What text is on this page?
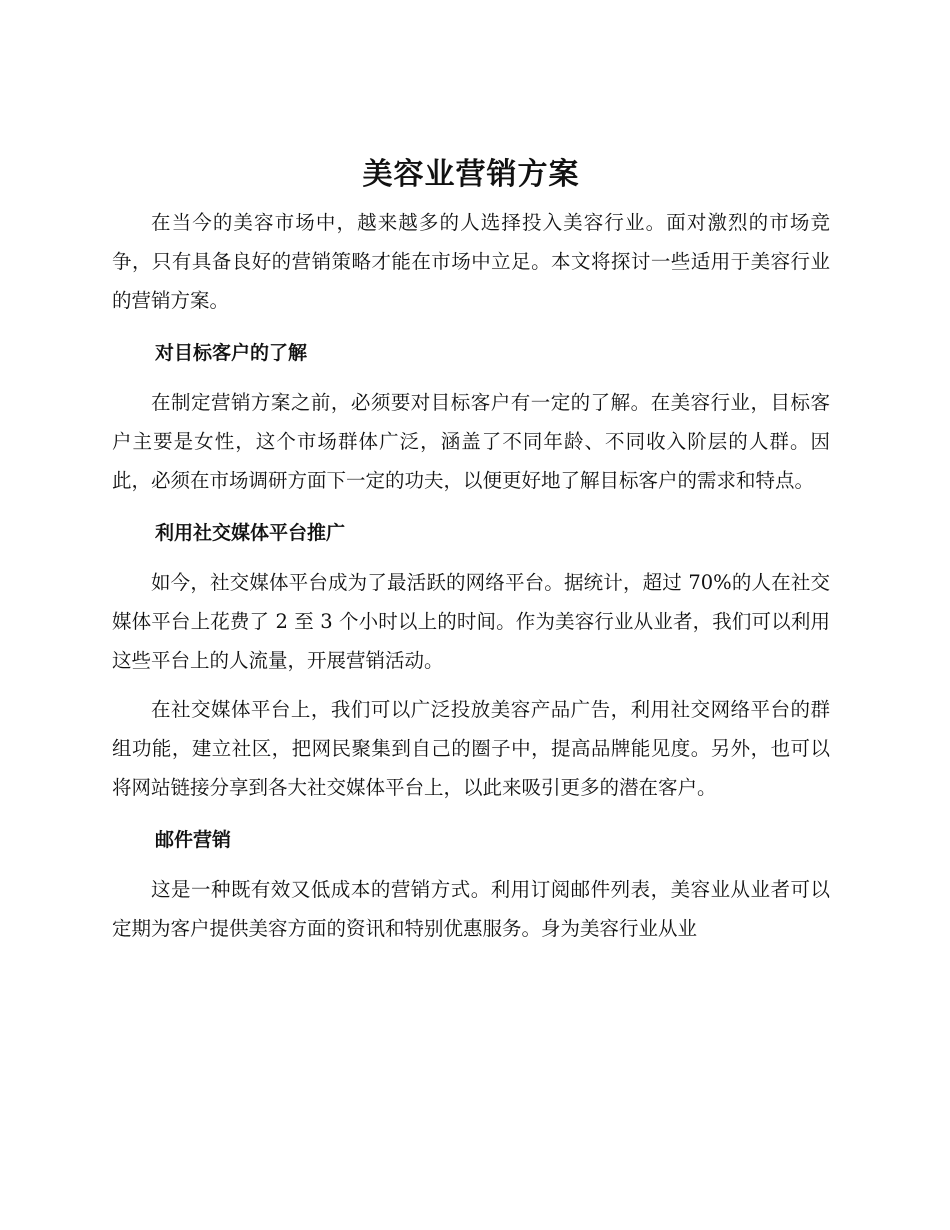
美容业营销方案

在当今的美容市场中，越来越多的人选择投入美容行业。面对激烈的市场竞争，只有具备良好的营销策略才能在市场中立足。本文将探讨一些适用于美容行业的营销方案。

对目标客户的了解

在制定营销方案之前，必须要对目标客户有一定的了解。在美容行业，目标客户主要是女性，这个市场群体广泛，涵盖了不同年龄、不同收入阶层的人群。因此，必须在市场调研方面下一定的功夫，以便更好地了解目标客户的需求和特点。

利用社交媒体平台推广

如今，社交媒体平台成为了最活跃的网络平台。据统计，超过 70%的人在社交媒体平台上花费了 2 至 3 个小时以上的时间。作为美容行业从业者，我们可以利用这些平台上的人流量，开展营销活动。

在社交媒体平台上，我们可以广泛投放美容产品广告，利用社交网络平台的群组功能，建立社区，把网民聚集到自己的圈子中，提高品牌能见度。另外，也可以将网站链接分享到各大社交媒体平台上，以此来吸引更多的潜在客户。

邮件营销

这是一种既有效又低成本的营销方式。利用订阅邮件列表，美容业从业者可以定期为客户提供美容方面的资讯和特别优惠服务。身为美容行业从业
